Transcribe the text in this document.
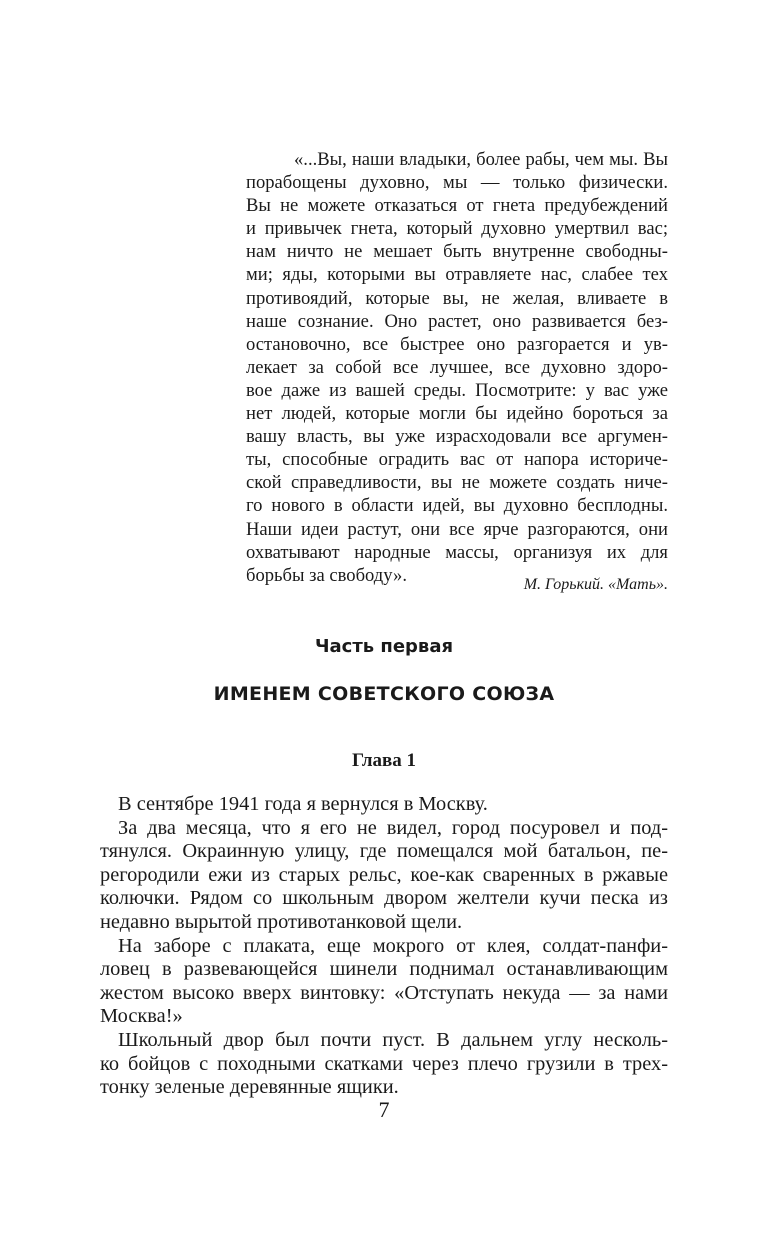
«...Вы, наши владыки, более рабы, чем мы. Вы
порабощены духовно, мы — только физически.
Вы не можете отказаться от гнета предубеждений
и привычек гнета, который духовно умертвил вас;
нам ничто не мешает быть внутренне свободны-
ми; яды, которыми вы отравляете нас, слабее тех
противоядий, которые вы, не желая, вливаете в
наше сознание. Оно растет, оно развивается без-
остановочно, все быстрее оно разгорается и ув-
лекает за собой все лучшее, все духовно здоро-
вое даже из вашей среды. Посмотрите: у вас уже
нет людей, которые могли бы идейно бороться за
вашу власть, вы уже израсходовали все аргумен-
ты, способные оградить вас от напора историче-
ской справедливости, вы не можете создать ниче-
го нового в области идей, вы духовно бесплодны.
Наши идеи растут, они все ярче разгораются, они
охватывают народные массы, организуя их для
борьбы за свободу».	М. Горький. «Мать».
Часть первая
ИМЕНЕМ СОВЕТСКОГО СОЮЗА
Глава 1
В сентябре 1941 года я вернулся в Москву.
За два месяца, что я его не видел, город посуровел и под-
тянулся. Окраинную улицу, где помещался мой батальон, пе-
регородили ежи из старых рельс, кое-как сваренных в ржавые
колючки. Рядом со школьным двором желтели кучи песка из
недавно вырытой противотанковой щели.
На заборе с плаката, еще мокрого от клея, солдат-панфи-
ловец в развевающейся шинели поднимал останавливающим
жестом высоко вверх винтовку: «Отступать некуда — за нами
Москва!»
Школьный двор был почти пуст. В дальнем углу несколь-
ко бойцов с походными скатками через плечо грузили в трех-
тонку зеленые деревянные ящики.
7
